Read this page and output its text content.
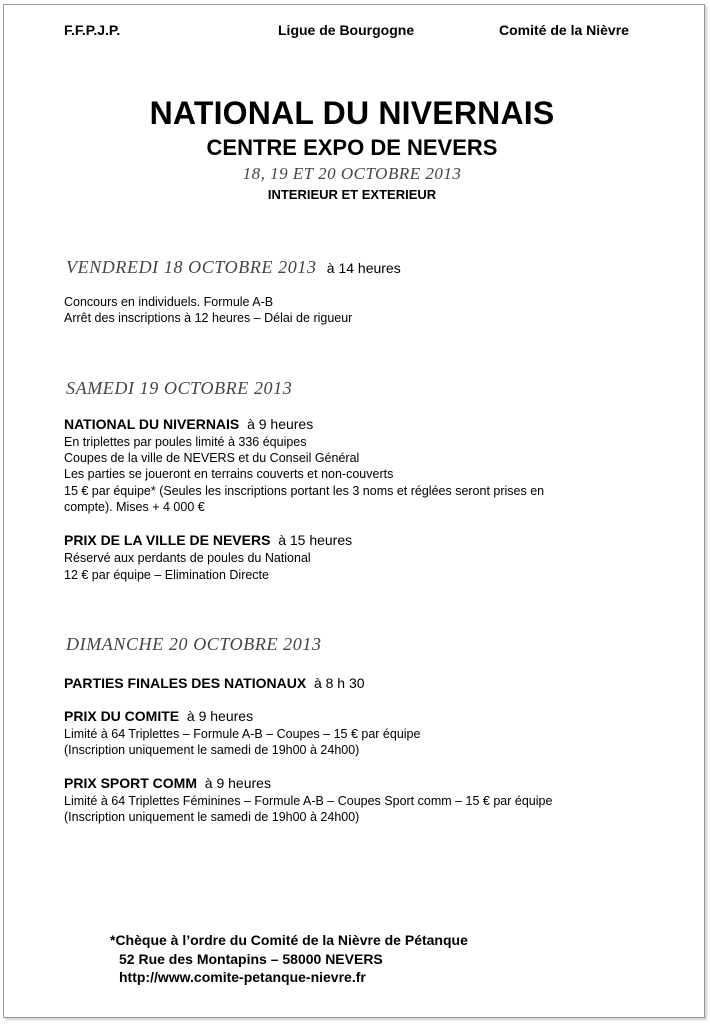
F.F.P.J.P.	Ligue de Bourgogne	Comité de la Nièvre
NATIONAL DU NIVERNAIS
CENTRE EXPO DE NEVERS
18, 19 ET 20 OCTOBRE 2013
INTERIEUR ET EXTERIEUR
VENDREDI 18 OCTOBRE 2013 à 14 heures
Concours en individuels. Formule A-B
Arrêt des inscriptions à 12 heures – Délai de rigueur
SAMEDI 19 OCTOBRE 2013
NATIONAL DU NIVERNAIS à 9 heures
En triplettes par poules limité à 336 équipes
Coupes de la ville de NEVERS et du Conseil Général
Les parties se joueront en terrains couverts et non-couverts
15 € par équipe* (Seules les inscriptions portant les 3 noms et réglées seront prises en
compte). Mises + 4 000 €
PRIX DE LA VILLE DE NEVERS à 15 heures
Réservé aux perdants de poules du National
12 € par équipe – Elimination Directe
DIMANCHE 20 OCTOBRE 2013
PARTIES FINALES DES NATIONAUX à 8 h 30
PRIX DU COMITE à 9 heures
Limité à 64 Triplettes – Formule A-B – Coupes – 15 € par équipe
(Inscription uniquement le samedi de 19h00 à 24h00)
PRIX SPORT COMM à 9 heures
Limité à 64 Triplettes Féminines – Formule A-B – Coupes Sport comm – 15 € par équipe
(Inscription uniquement le samedi de 19h00 à 24h00)
*Chèque à l’ordre du Comité de la Nièvre de Pétanque
52 Rue des Montapins – 58000 NEVERS
http://www.comite-petanque-nievre.fr
